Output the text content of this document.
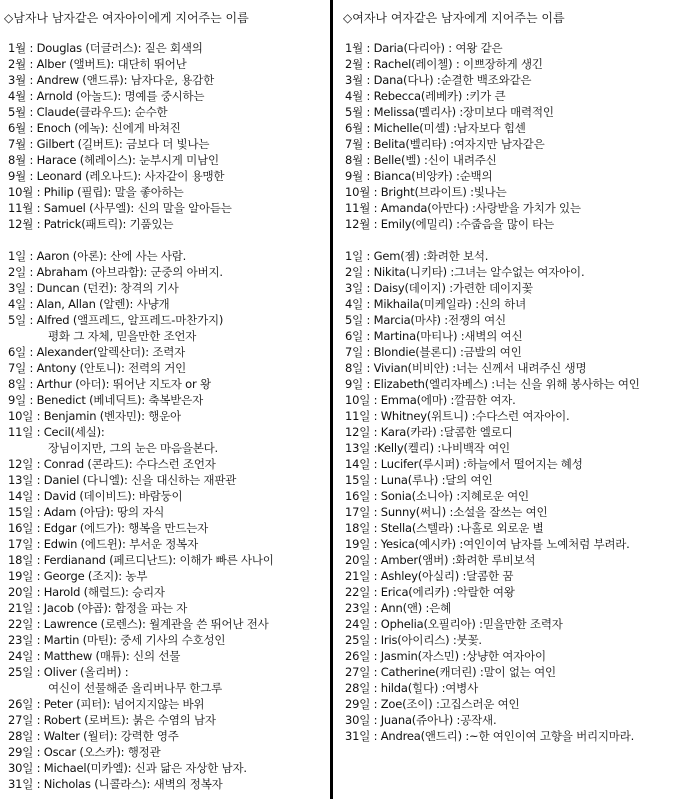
◇남자나 남자같은 여자아이에게 지어주는 이름
1월 : Douglas (더글러스): 짙은 회색의
2월 : Alber (앨버트): 대단히 뛰어난
3월 : Andrew (앤드류): 남자다운, 용감한
4월 : Arnold (아놀드): 명예를 중시하는
5월 : Claude(클라우드): 순수한
6월 : Enoch (에녹): 신에게 바쳐진
7월 : Gilbert (길버트): 금보다 더 빛나는
8월 : Harace (헤레이스): 눈부시게 미남인
9월 : Leonard (레오나드): 사자같이 용맹한
10월 : Philip (필립): 말을 좋아하는
11월 : Samuel (사무엘): 신의 말을 알아듣는
12월 : Patrick(패트릭): 기품있는
1일 : Aaron (아론): 산에 사는 사람.
2일 : Abraham (아브라함): 군중의 아버지.
3일 : Duncan (던컨): 창격의 기사
4일 : Alan, Allan (알렌): 사냥개
5일 : Alfred (앨프레드, 알프레드-마찬가지)
평화 그 자체, 믿을만한 조언자
6일 : Alexander(알렉산더): 조력자
7일 : Antony (안토니): 전력의 거인
8일 : Arthur (아더): 뛰어난 지도자 or 왕
9일 : Benedict (베네딕트): 축복받은자
10일 : Benjamin (벤자민): 행운아
11일 : Cecil(세실):
장님이지만, 그의 눈은 마음을본다.
12일 : Conrad (콘라드): 수다스런 조언자
13일 : Daniel (다니엘): 신을 대신하는 재판관
14일 : David (데이비드): 바람둥이
15일 : Adam (아담): 땅의 자식
16일 : Edgar (에드가): 행복을 만드는자
17일 : Edwin (에드윈): 부서운 정복자
18일 : Ferdianand (페르디난드): 이해가 빠른 사나이
19일 : George (조지): 농부
20일 : Harold (해럴드): 승리자
21일 : Jacob (야곱): 함정을 파는 자
22일 : Lawrence (로렌스): 월계관을 쓴 뛰어난 전사
23일 : Martin (마틴): 중세 기사의 수호성인
24일 : Matthew (매튜): 신의 선물
25일 : Oliver (올리버) :
여신이 선물해준 올리버나무 한그루
26일 : Peter (피터): 넘어지지않는 바위
27일 : Robert (로버트): 붉은 수염의 남자
28일 : Walter (월터): 강력한 영주
29일 : Oscar (오스카): 행정관
30일 : Michael(미카엘): 신과 닮은 자상한 남자.
31일 : Nicholas (니콜라스): 새벽의 정복자
◇여자나 여자같은 남자에게 지어주는 이름
1월 : Daria(다리아) : 여왕 같은
2월 : Rachel(레이첼) : 이쁘장하게 생긴
3월 : Dana(다나) :순결한 백조와같은
4월 : Rebecca(레베카) :키가 큰
5월 : Melissa(멜리사) :장미보다 매력적인
6월 : Michelle(미셸) :남자보다 힘센
7월 : Belita(벨리타) :여자지만 남자같은
8월 : Belle(벨) :신이 내려주신
9월 : Bianca(비앙카) :순백의
10월 : Bright(브라이트) :빛나는
11월 : Amanda(아만다) :사랑받을 가치가 있는
12월 : Emily(에밀리) :수줍음을 많이 타는
1일 : Gem(젬) :화려한 보석.
2일 : Nikita(니키타) :그녀는 알수없는 여자아이.
3일 : Daisy(데이지) :가련한 데이지꽃
4일 : Mikhaila(미케일라) :신의 하녀
5일 : Marcia(마샤) :전쟁의 여신
6일 : Martina(마티나) :새벽의 여신
7일 : Blondie(블론디) :금발의 여인
8일 : Vivian(비비안) :너는 신께서 내려주신 생명
9일 : Elizabeth(엘리자베스) :너는 신을 위해 봉사하는 여인
10일 : Emma(에마) :깔끔한 여자.
11일 : Whitney(위트니) :수다스런 여자아이.
12일 : Kara(카라) :달콤한 엘로디
13일 :Kelly(켈리) :나비백작 여인
14일 : Lucifer(루시퍼) :하늘에서 떨어지는 혜성
15일 : Luna(루나) :달의 여인
16일 : Sonia(소니아) :지혜로운 여인
17일 : Sunny(써니) :소설을 잘쓰는 여인
18일 : Stella(스텔라) :나홀로 외로운 별
19일 : Yesica(예시카) :여인이여 남자를 노예처럼 부려라.
20일 : Amber(앰버) :화려한 루비보석
21일 : Ashley(아실리) :달콤한 꿈
22일 : Erica(에리카) :악랄한 여왕
23일 : Ann(앤) :은혜
24일 : Ophelia(오필리아) :믿을만한 조력자
25일 : Iris(아이리스) :붓꽃.
26일 : Jasmin(자스민) :상냥한 여자아이
27일 : Catherine(캐더린) :말이 없는 여인
28일 : hilda(힐다) :여병사
29일 : Zoe(조이) :고집스러운 여인
30일 : Juana(쥬아나) :공작새.
31일 : Andrea(앤드리) :~한 여인이여 고향을 버리지마라.
